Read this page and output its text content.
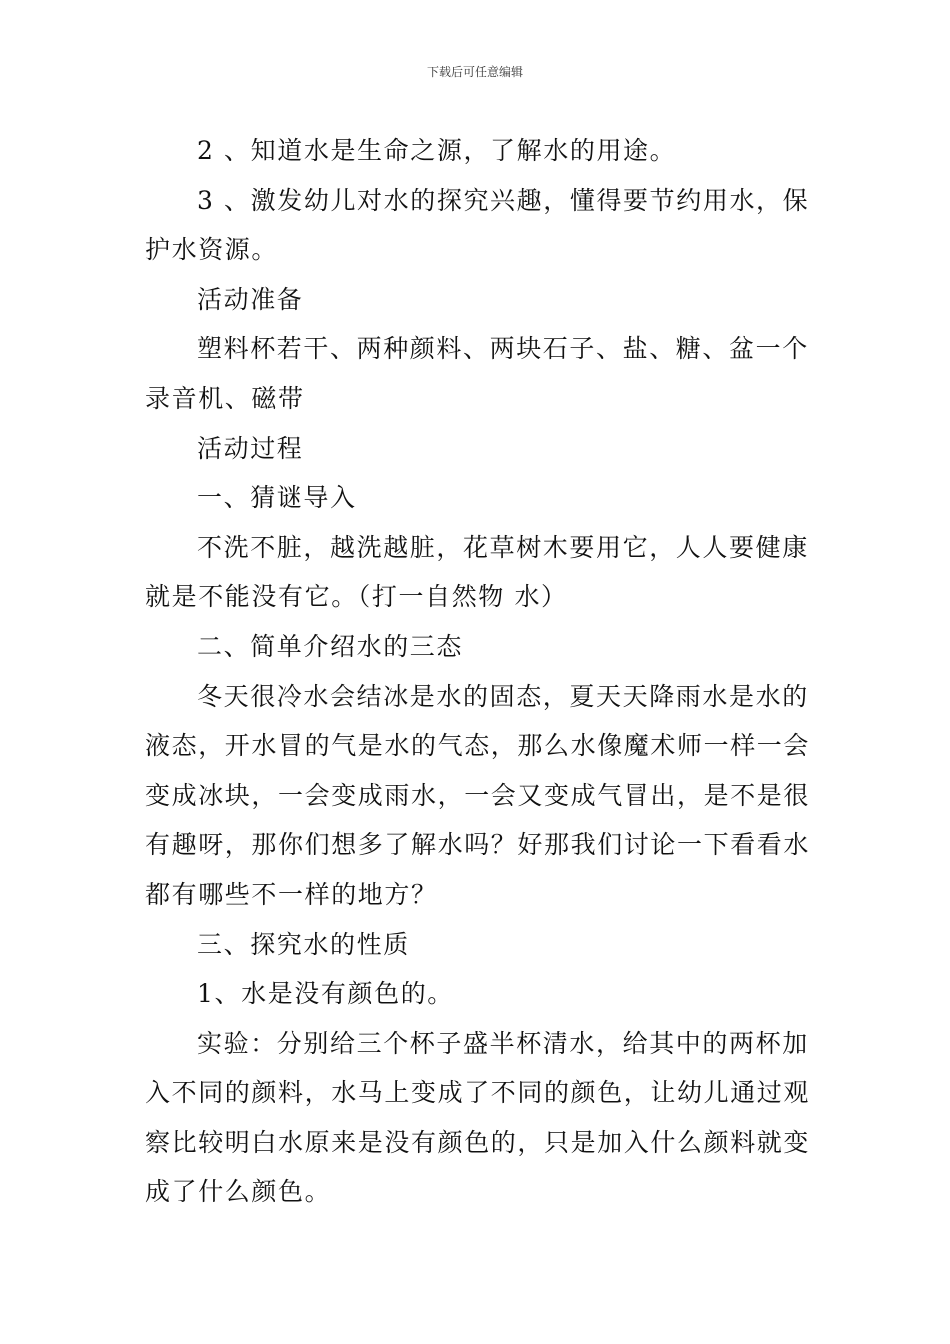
下载后可任意编辑

2 、知道水是生命之源，了解水的用途。

3 、激发幼儿对水的探究兴趣，懂得要节约用水，保

护水资源。

活动准备

塑料杯若干、两种颜料、两块石子、盐、糖、盆一个

录音机、磁带

活动过程

一、猜谜导入

不洗不脏，越洗越脏，花草树木要用它，人人要健康

就是不能没有它。（打一自然物 水）

二、简单介绍水的三态

冬天很冷水会结冰是水的固态，夏天天降雨水是水的

液态，开水冒的气是水的气态，那么水像魔术师一样一会

变成冰块，一会变成雨水，一会又变成气冒出，是不是很

有趣呀，那你们想多了解水吗？好那我们讨论一下看看水

都有哪些不一样的地方？

三、探究水的性质

1、水是没有颜色的。

实验：分别给三个杯子盛半杯清水，给其中的两杯加

入不同的颜料，水马上变成了不同的颜色，让幼儿通过观

察比较明白水原来是没有颜色的，只是加入什么颜料就变

成了什么颜色。
